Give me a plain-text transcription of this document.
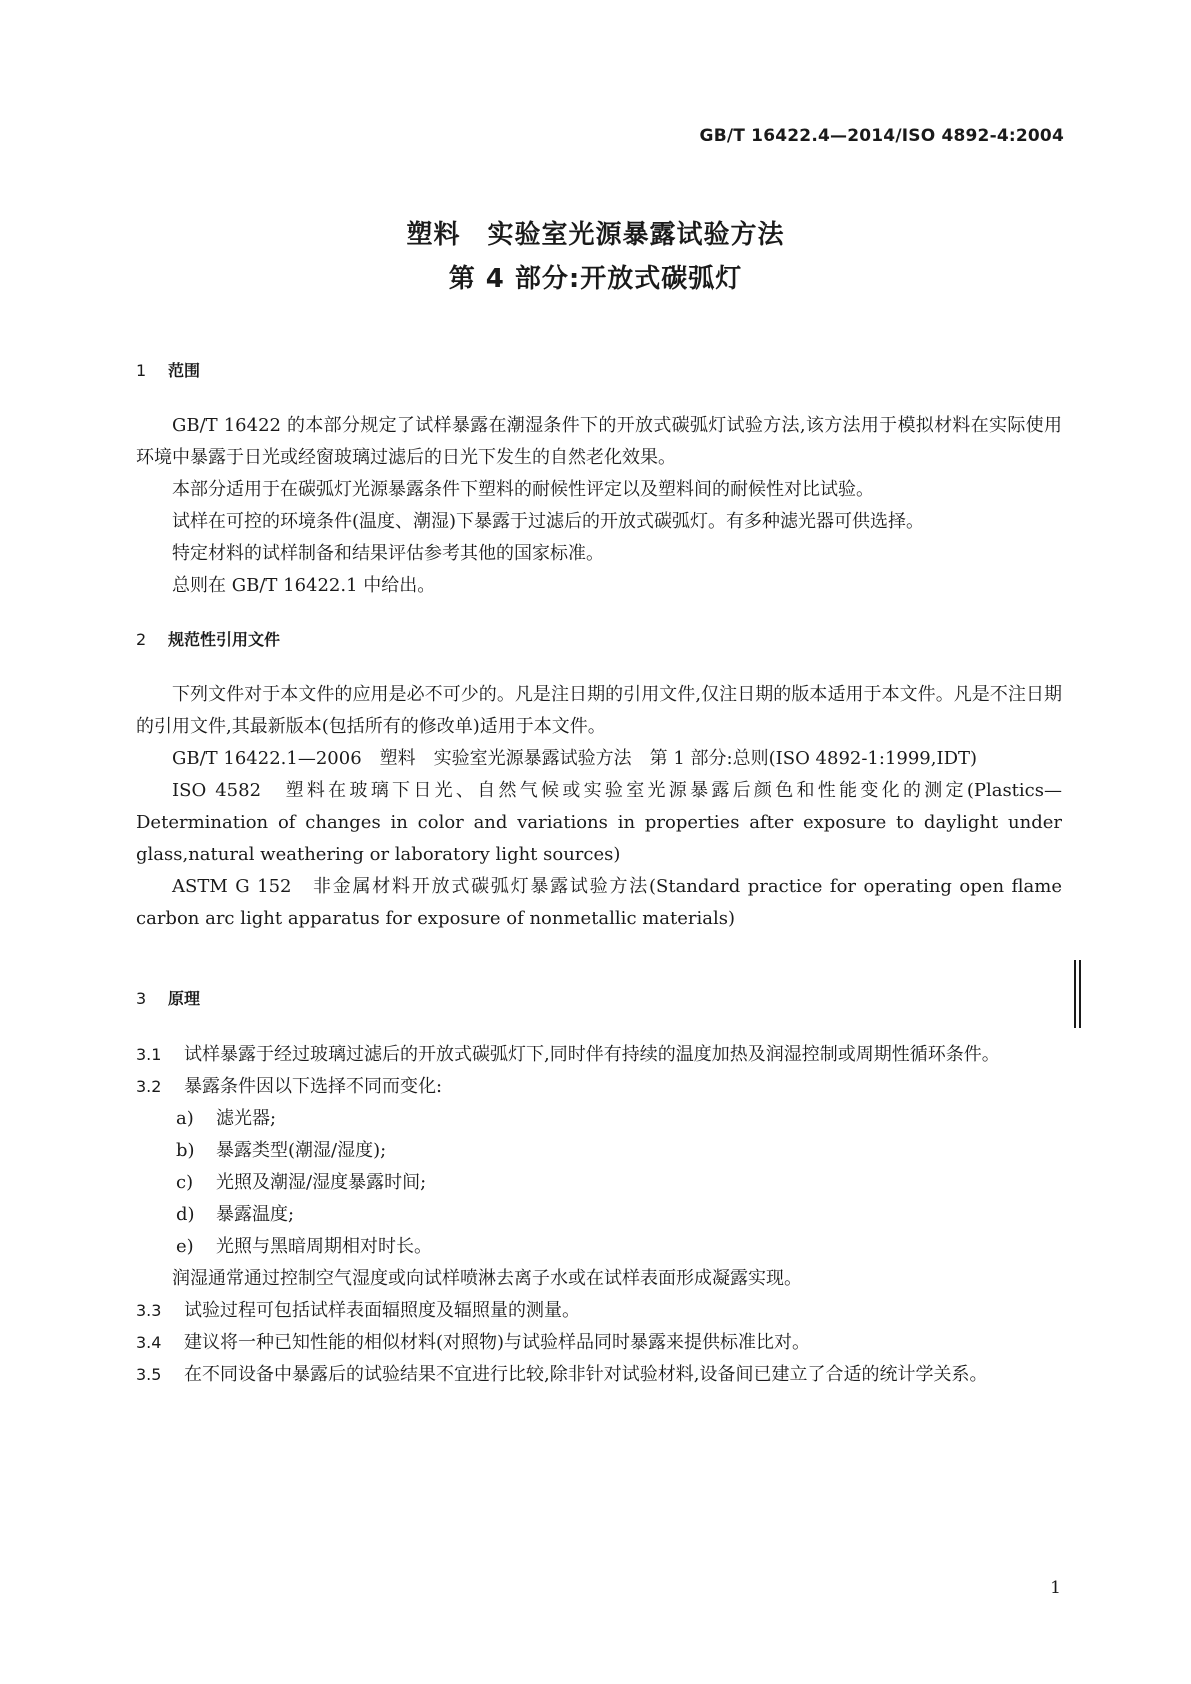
GB/T 16422.4—2014/ISO 4892-4:2004
塑料　实验室光源暴露试验方法
第 4 部分:开放式碳弧灯
1 范围

GB/T 16422 的本部分规定了试样暴露在潮湿条件下的开放式碳弧灯试验方法,该方法用于模拟材料在实际使用环境中暴露于日光或经窗玻璃过滤后的日光下发生的自然老化效果。

本部分适用于在碳弧灯光源暴露条件下塑料的耐候性评定以及塑料间的耐候性对比试验。

试样在可控的环境条件(温度、潮湿)下暴露于过滤后的开放式碳弧灯。有多种滤光器可供选择。

特定材料的试样制备和结果评估参考其他的国家标准。

总则在 GB/T 16422.1 中给出。

2 规范性引用文件

下列文件对于本文件的应用是必不可少的。凡是注日期的引用文件,仅注日期的版本适用于本文件。凡是不注日期的引用文件,其最新版本(包括所有的修改单)适用于本文件。

GB/T 16422.1—2006　塑料　实验室光源暴露试验方法　第 1 部分:总则(ISO 4892-1:1999,IDT)

ISO 4582　塑料在玻璃下日光、自然气候或实验室光源暴露后颜色和性能变化的测定(Plastics—Determination of changes in color and variations in properties after exposure to daylight under glass,natural weathering or laboratory light sources)

ASTM G 152　非金属材料开放式碳弧灯暴露试验方法(Standard practice for operating open flame carbon arc light apparatus for exposure of nonmetallic materials)

3 原理
3.1 试样暴露于经过玻璃过滤后的开放式碳弧灯下,同时伴有持续的温度加热及润湿控制或周期性循环条件。
3.2 暴露条件因以下选择不同而变化:
a) 滤光器;
b) 暴露类型(潮湿/湿度);
c) 光照及潮湿/湿度暴露时间;
d) 暴露温度;
e) 光照与黑暗周期相对时长。

润湿通常通过控制空气湿度或向试样喷淋去离子水或在试样表面形成凝露实现。

3.3 试验过程可包括试样表面辐照度及辐照量的测量。
3.4 建议将一种已知性能的相似材料(对照物)与试验样品同时暴露来提供标准比对。
3.5 在不同设备中暴露后的试验结果不宜进行比较,除非针对试验材料,设备间已建立了合适的统计学关系。
1
